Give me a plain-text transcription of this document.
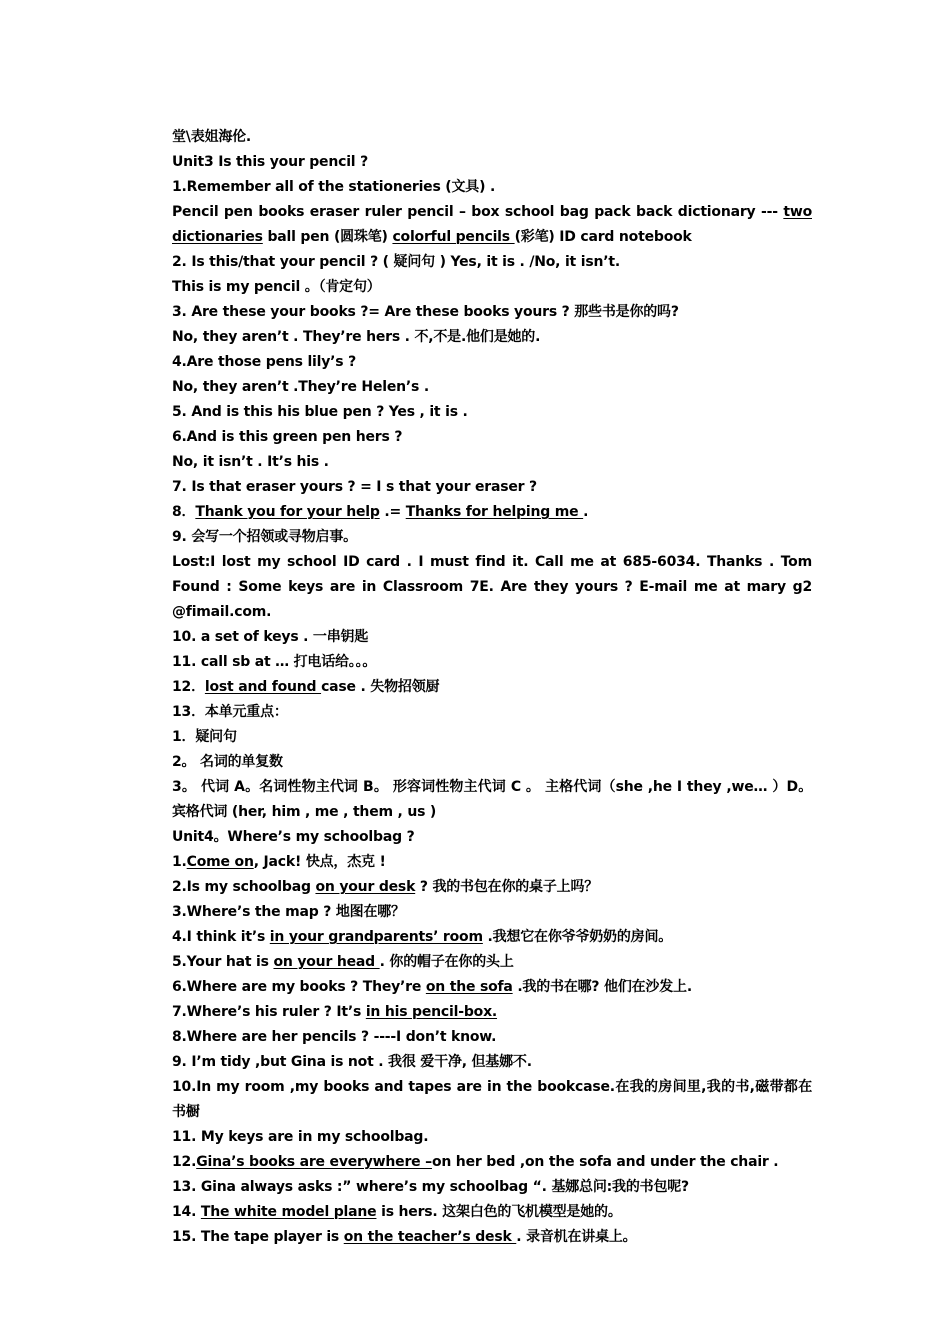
堂\表姐海伦.
Unit3 Is this your pencil ?
1.Remember all of the stationeries (文具) .
Pencil pen books eraser ruler pencil – box school bag pack back dictionary --- two dictionaries ball pen (圆珠笔) colorful pencils (彩笔) ID card notebook
2. Is this/that your pencil ? ( 疑问句 ) Yes, it is . /No, it isn’t.
This is my pencil 。（肯定句）
3. Are these your books ?= Are these books yours ? 那些书是你的吗?
No, they aren’t . They’re hers . 不,不是.他们是她的.
4.Are those pens lily’s ?
No, they aren’t .They’re Helen’s .
5. And is this his blue pen ? Yes , it is .
6.And is this green pen hers ?
No, it isn’t . It’s his .
7. Is that eraser yours ? = I s that your eraser ?
8．Thank you for your help .= Thanks for helping me .
9. 会写一个招领或寻物启事。
Lost:I lost my school ID card . I must find it. Call me at 685-6034. Thanks . Tom Found : Some keys are in Classroom 7E. Are they yours ? E-mail me at mary g2 @fimail.com.
10. a set of keys . 一串钥匙
11. call sb at … 打电话给。。。
12．lost and found case . 失物招领厨
13．本单元重点：
1．疑问句
2。 名词的单复数
3。 代词 A。名词性物主代词 B。 形容词性物主代词 C 。 主格代词（she ,he I they ,we… ）D。宾格代词 (her, him , me , them , us )
Unit4。Where’s my schoolbag ?
1.Come on, Jack! 快点，杰克 !
2.Is my schoolbag on your desk ? 我的书包在你的桌子上吗？
3.Where’s the map ? 地图在哪？
4.I think it’s in your grandparents’ room .我想它在你爷爷奶奶的房间。
5.Your hat is on your head . 你的帽子在你的头上
6.Where are my books ? They’re on the sofa .我的书在哪? 他们在沙发上.
7.Where’s his ruler ? It’s in his pencil-box.
8.Where are her pencils ? ----I don’t know.
9. I’m tidy ,but Gina is not . 我很 爱干净, 但基娜不.
10.In my room ,my books and tapes are in the bookcase.在我的房间里,我的书,磁带都在书橱
11. My keys are in my schoolbag.
12.Gina’s books are everywhere –on her bed ,on the sofa and under the chair .
13. Gina always asks :” where’s my schoolbag “. 基娜总问:我的书包呢?
14. The white model plane is hers. 这架白色的飞机模型是她的。
15. The tape player is on the teacher’s desk . 录音机在讲桌上。
